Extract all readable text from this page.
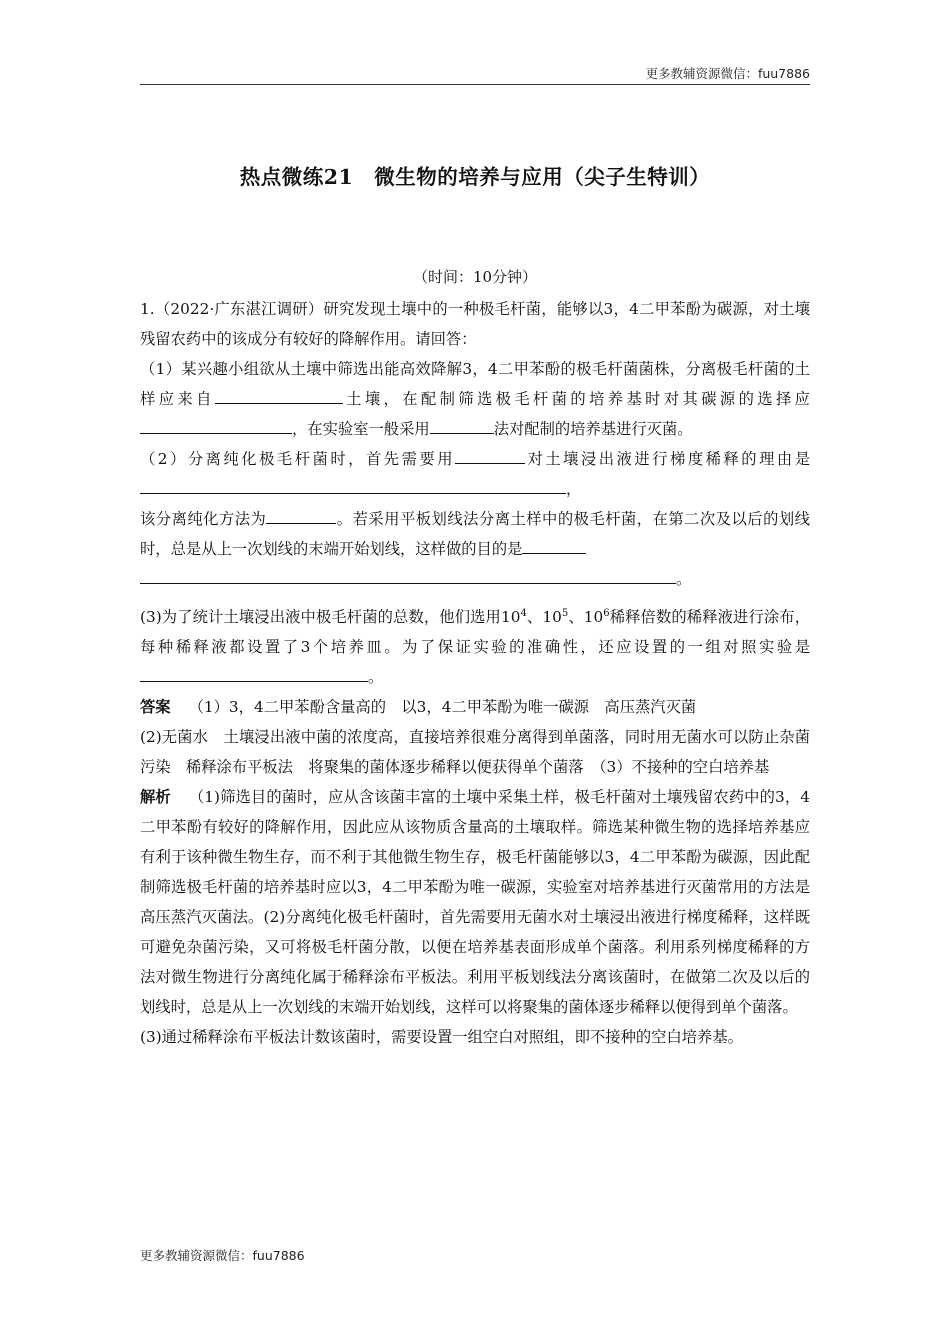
更多教辅资源微信：fuu7886
热点微练21　微生物的培养与应用（尖子生特训）
（时间：10分钟）

1.（2022·广东湛江调研）研究发现土壤中的一种极毛杆菌，能够以3，4二甲苯酚为碳源，对土壤残留农药中的该成分有较好的降解作用。请回答：

（1）某兴趣小组欲从土壤中筛选出能高效降解3，4二甲苯酚的极毛杆菌菌株，分离极毛杆菌的土样应来自	土壤，在配制筛选极毛杆菌的培养基时对其碳源的选择应，在实验室一般采用	法对配制的培养基进行灭菌。

（2）分离纯化极毛杆菌时，首先需要用	对土壤浸出液进行梯度稀释的理由是，

该分离纯化方法为	。若采用平板划线法分离土样中的极毛杆菌，在第二次及以后的划线时，总是从上一次划线的末端开始划线，这样做的目的是
。

(3)为了统计土壤浸出液中极毛杆菌的总数，他们选用$10^4$、$10^5$、$10^6$稀释倍数的稀释液进行涂布，每种稀释液都设置了3个培养皿。为了保证实验的准确性，还应设置的一组对照实验是。

答案 （1）3，4二甲苯酚含量高的　以3，4二甲苯酚为唯一碳源　高压蒸汽灭菌

(2)无菌水　土壤浸出液中菌的浓度高，直接培养很难分离得到单菌落，同时用无菌水可以防止杂菌污染　稀释涂布平板法　将聚集的菌体逐步稀释以便获得单个菌落　（3）不接种的空白培养基

解析 （1)筛选目的菌时，应从含该菌丰富的土壤中采集土样，极毛杆菌对土壤残留农药中的3，4二甲苯酚有较好的降解作用，因此应从该物质含量高的土壤取样。筛选某种微生物的选择培养基应有利于该种微生物生存，而不利于其他微生物生存，极毛杆菌能够以3，4二甲苯酚为碳源，因此配制筛选极毛杆菌的培养基时应以3，4二甲苯酚为唯一碳源，实验室对培养基进行灭菌常用的方法是高压蒸汽灭菌法。(2)分离纯化极毛杆菌时，首先需要用无菌水对土壤浸出液进行梯度稀释，这样既可避免杂菌污染，又可将极毛杆菌分散，以便在培养基表面形成单个菌落。利用系列梯度稀释的方法对微生物进行分离纯化属于稀释涂布平板法。利用平板划线法分离该菌时，在做第二次及以后的划线时，总是从上一次划线的末端开始划线，这样可以将聚集的菌体逐步稀释以便得到单个菌落。

(3)通过稀释涂布平板法计数该菌时，需要设置一组空白对照组，即不接种的空白培养基。

更多教辅资源微信：fuu7886
